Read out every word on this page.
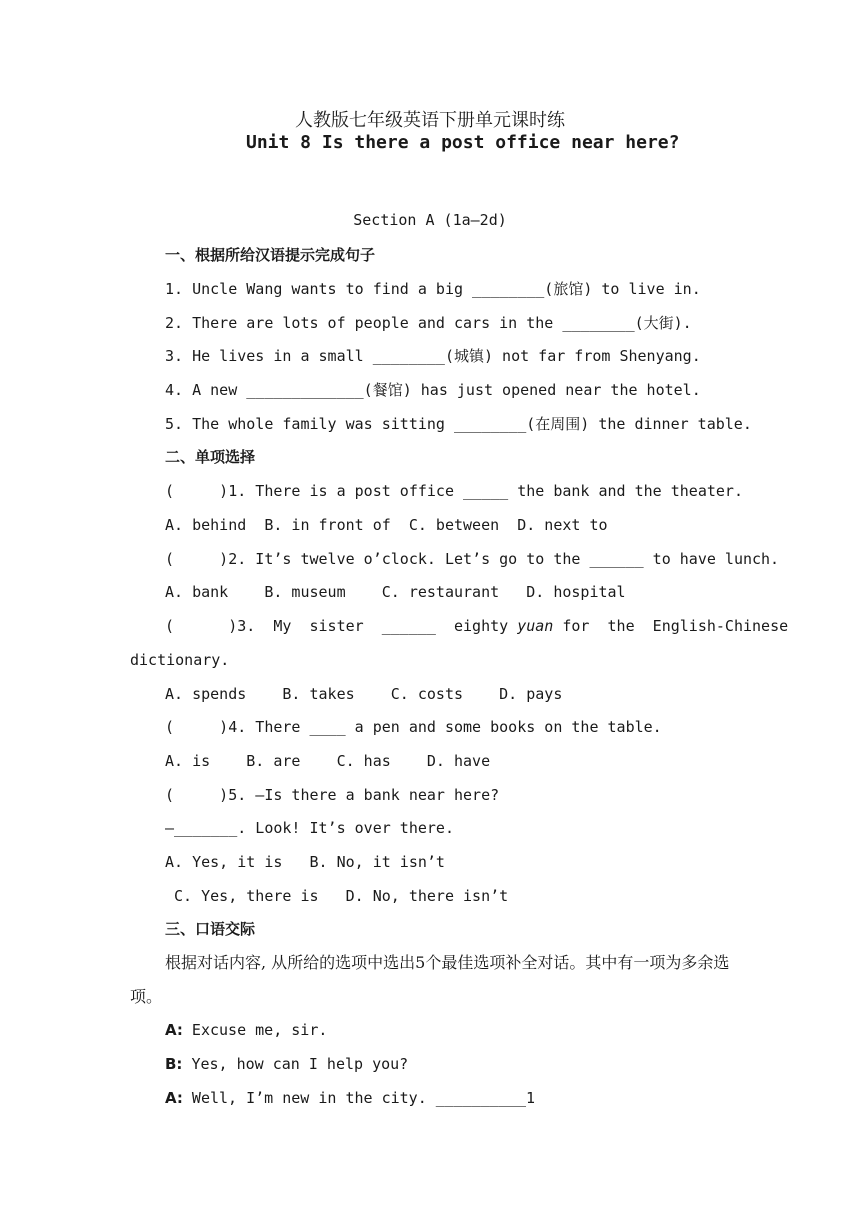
人教版七年级英语下册单元课时练
Unit 8 Is there a post office near here?
Section A (1a—2d)
一、根据所给汉语提示完成句子
1. Uncle Wang wants to find a big ________(旅馆) to live in.
2. There are lots of people and cars in the ________(大街).
3. He lives in a small ________(城镇) not far from Shenyang.
4. A new _____________(餐馆) has just opened near the hotel.
5. The whole family was sitting ________(在周围) the dinner table.
二、单项选择
(     )1. There is a post office _____ the bank and the theater.
A. behind  B. in front of  C. between  D. next to
(     )2. It’s twelve o’clock. Let’s go to the ______ to have lunch.
A. bank    B. museum    C. restaurant   D. hospital
(      )3.  My  sister  ______  eighty yuan for  the  English-Chinese
dictionary.
A. spends    B. takes    C. costs    D. pays
(     )4. There ____ a pen and some books on the table.
A. is    B. are    C. has    D. have
(     )5. —Is there a bank near here?
—_______. Look! It’s over there.
A. Yes, it is   B. No, it isn’t
C. Yes, there is   D. No, there isn’t
三、口语交际
根据对话内容, 从所给的选项中选出5个最佳选项补全对话。其中有一项为多余选项。
A: Excuse me, sir.
B: Yes, how can I help you?
A: Well, I’m new in the city. __________1
